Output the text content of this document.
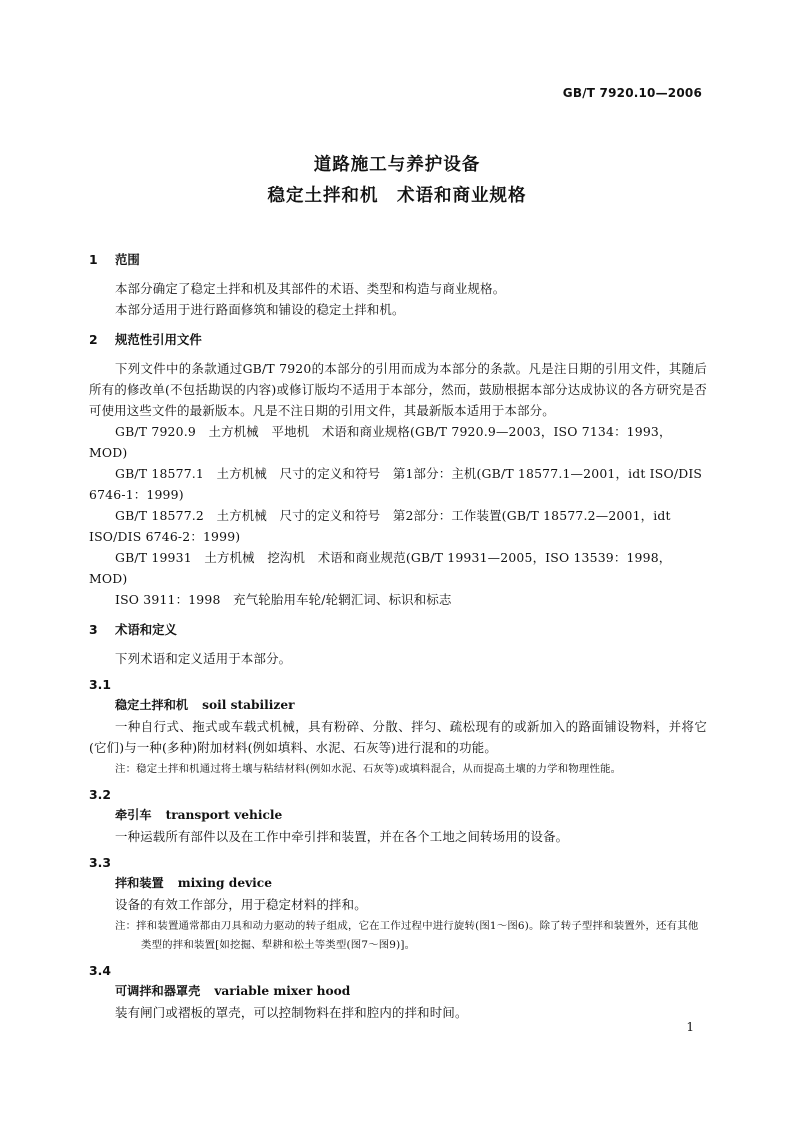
GB/T 7920.10—2006
道路施工与养护设备
稳定土拌和机　术语和商业规格
1 范围

本部分确定了稳定土拌和机及其部件的术语、类型和构造与商业规格。

本部分适用于进行路面修筑和铺设的稳定土拌和机。

2 规范性引用文件

下列文件中的条款通过GB/T 7920的本部分的引用而成为本部分的条款。凡是注日期的引用文件，其随后所有的修改单(不包括勘误的内容)或修订版均不适用于本部分，然而，鼓励根据本部分达成协议的各方研究是否可使用这些文件的最新版本。凡是不注日期的引用文件，其最新版本适用于本部分。

GB/T 7920.9　土方机械　平地机　术语和商业规格(GB/T 7920.9—2003，ISO 7134：1993，MOD)

GB/T 18577.1　土方机械　尺寸的定义和符号　第1部分：主机(GB/T 18577.1—2001，idt ISO/DIS 6746-1：1999)

GB/T 18577.2　土方机械　尺寸的定义和符号　第2部分：工作装置(GB/T 18577.2—2001，idt ISO/DIS 6746-2：1999)

GB/T 19931　土方机械　挖沟机　术语和商业规范(GB/T 19931—2005，ISO 13539：1998，MOD)

ISO 3911：1998　充气轮胎用车轮/轮辋汇词、标识和标志

3 术语和定义

下列术语和定义适用于本部分。

3.1

稳定土拌和机 soil stabilizer

一种自行式、拖式或车载式机械，具有粉碎、分散、拌匀、疏松现有的或新加入的路面铺设物料，并将它(它们)与一种(多种)附加材料(例如填料、水泥、石灰等)进行混和的功能。

注：稳定土拌和机通过将土壤与粘结材料(例如水泥、石灰等)或填料混合，从而提高土壤的力学和物理性能。

3.2

牵引车 transport vehicle

一种运载所有部件以及在工作中牵引拌和装置，并在各个工地之间转场用的设备。

3.3

拌和装置 mixing device

设备的有效工作部分，用于稳定材料的拌和。

注：拌和装置通常都由刀具和动力驱动的转子组成，它在工作过程中进行旋转(图1～图6)。除了转子型拌和装置外，还有其他类型的拌和装置[如挖掘、犁耕和松土等类型(图7～图9)]。

3.4

可调拌和器罩壳 variable mixer hood

装有闸门或褶板的罩壳，可以控制物料在拌和腔内的拌和时间。

1
